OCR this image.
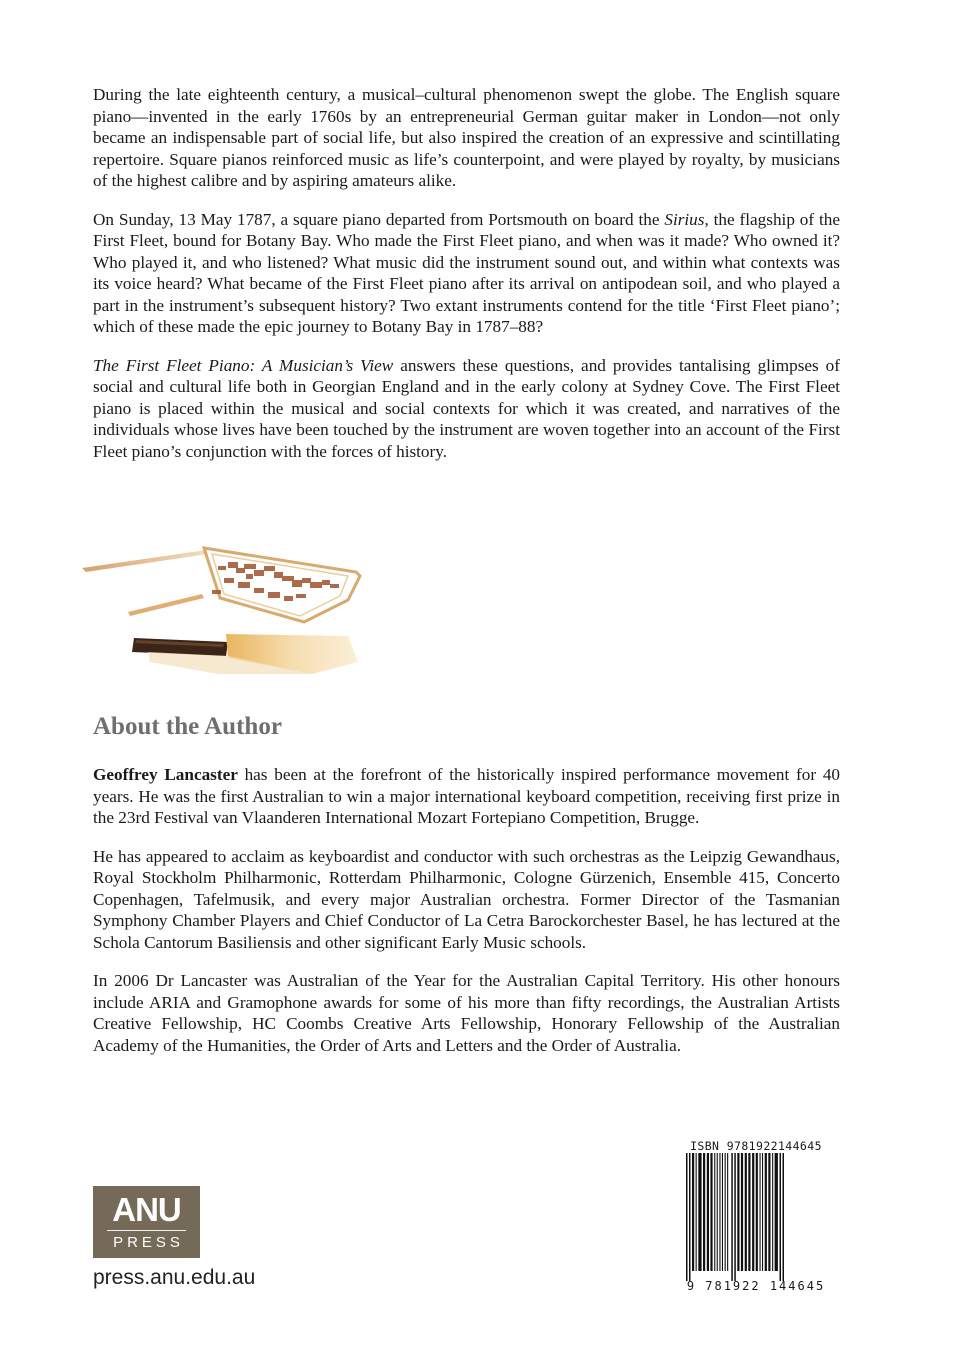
During the late eighteenth century, a musical–cultural phenomenon swept the globe. The English square piano—invented in the early 1760s by an entrepreneurial German guitar maker in London—not only became an indispensable part of social life, but also inspired the creation of an expressive and scintillating repertoire. Square pianos reinforced music as life’s counterpoint, and were played by royalty, by musicians of the highest calibre and by aspiring amateurs alike.

On Sunday, 13 May 1787, a square piano departed from Portsmouth on board the Sirius, the flagship of the First Fleet, bound for Botany Bay. Who made the First Fleet piano, and when was it made? Who owned it? Who played it, and who listened? What music did the instrument sound out, and within what contexts was its voice heard? What became of the First Fleet piano after its arrival on antipodean soil, and who played a part in the instrument’s subsequent history? Two extant instruments contend for the title ‘First Fleet piano’; which of these made the epic journey to Botany Bay in 1787–88?

The First Fleet Piano: A Musician’s View answers these questions, and provides tantalising glimpses of social and cultural life both in Georgian England and in the early colony at Sydney Cove. The First Fleet piano is placed within the musical and social contexts for which it was created, and narratives of the individuals whose lives have been touched by the instrument are woven together into an account of the First Fleet piano’s conjunction with the forces of history.

About the Author

Geoffrey Lancaster has been at the forefront of the historically inspired performance movement for 40 years. He was the first Australian to win a major international keyboard competition, receiving first prize in the 23rd Festival van Vlaanderen International Mozart Fortepiano Competition, Brugge.

He has appeared to acclaim as keyboardist and conductor with such orchestras as the Leipzig Gewandhaus, Royal Stockholm Philharmonic, Rotterdam Philharmonic, Cologne Gürzenich, Ensemble 415, Concerto Copenhagen, Tafelmusik, and every major Australian orchestra. Former Director of the Tasmanian Symphony Chamber Players and Chief Conductor of La Cetra Barockorchester Basel, he has lectured at the Schola Cantorum Basiliensis and other significant Early Music schools.

In 2006 Dr Lancaster was Australian of the Year for the Australian Capital Territory. His other honours include ARIA and Gramophone awards for some of his more than fifty recordings, the Australian Artists Creative Fellowship, HC Coombs Creative Arts Fellowship, Honorary Fellowship of the Australian Academy of the Humanities, the Order of Arts and Letters and the Order of Australia.

ANU
PRESS
press.anu.edu.au
ISBN 9781922144645
9 781922 144645
